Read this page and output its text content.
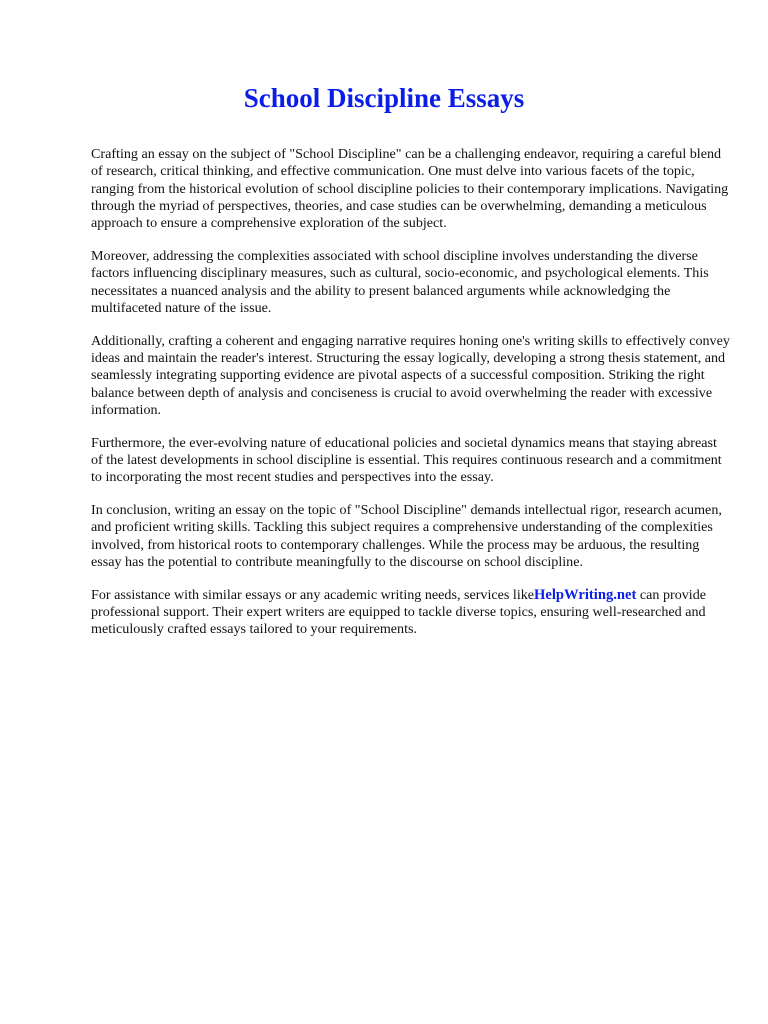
School Discipline Essays

Crafting an essay on the subject of "School Discipline" can be a challenging endeavor, requiring a careful blend of research, critical thinking, and effective communication. One must delve into various facets of the topic, ranging from the historical evolution of school discipline policies to their contemporary implications. Navigating through the myriad of perspectives, theories, and case studies can be overwhelming, demanding a meticulous approach to ensure a comprehensive exploration of the subject.

Moreover, addressing the complexities associated with school discipline involves understanding the diverse factors influencing disciplinary measures, such as cultural, socio-economic, and psychological elements. This necessitates a nuanced analysis and the ability to present balanced arguments while acknowledging the multifaceted nature of the issue.

Additionally, crafting a coherent and engaging narrative requires honing one's writing skills to effectively convey ideas and maintain the reader's interest. Structuring the essay logically, developing a strong thesis statement, and seamlessly integrating supporting evidence are pivotal aspects of a successful composition. Striking the right balance between depth of analysis and conciseness is crucial to avoid overwhelming the reader with excessive information.

Furthermore, the ever-evolving nature of educational policies and societal dynamics means that staying abreast of the latest developments in school discipline is essential. This requires continuous research and a commitment to incorporating the most recent studies and perspectives into the essay.

In conclusion, writing an essay on the topic of "School Discipline" demands intellectual rigor, research acumen, and proficient writing skills. Tackling this subject requires a comprehensive understanding of the complexities involved, from historical roots to contemporary challenges. While the process may be arduous, the resulting essay has the potential to contribute meaningfully to the discourse on school discipline.

For assistance with similar essays or any academic writing needs, services likeHelpWriting.net can provide professional support. Their expert writers are equipped to tackle diverse topics, ensuring well-researched and meticulously crafted essays tailored to your requirements.
